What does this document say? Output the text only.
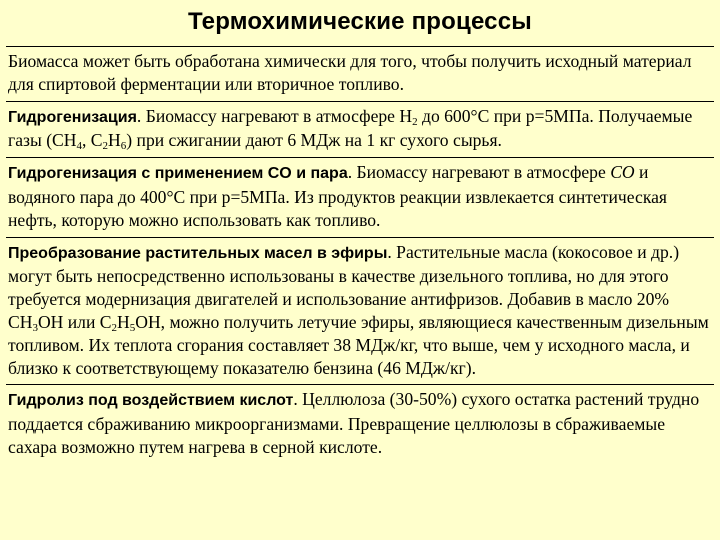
Термохимические процессы

Биомасса может быть обработана химически для того, чтобы получить исходный материал для спиртовой ферментации или вторичное топливо.

Гидрогенизация. Биомассу нагревают в атмосфере $H_2$ до 600°C при p=5МПа. Получаемые газы ($CH_4$, $C_2H_6$) при сжигании дают 6 МДж на 1 кг сухого сырья.

Гидрогенизация с применением CO и пара. Биомассу нагревают в атмосфере CO и водяного пара до 400°C при p=5МПа. Из продуктов реакции извлекается синтетическая нефть, которую можно использовать как топливо.

Преобразование растительных масел в эфиры. Растительные масла (кокосовое и др.) могут быть непосредственно использованы в качестве дизельного топлива, но для этого требуется модернизация двигателей и использование антифризов. Добавив в масло 20% $CH_3OH$ или $C_2H_5OH$, можно получить летучие эфиры, являющиеся качественным дизельным топливом. Их теплота сгорания составляет 38 МДж/кг, что выше, чем у исходного масла, и близко к соответствующему показателю бензина (46 МДж/кг).

Гидролиз под воздействием кислот. Целлюлоза (30-50%) сухого остатка растений трудно поддается сбраживанию микроорганизмами. Превращение целлюлозы в сбраживаемые сахара возможно путем нагрева в серной кислоте.
